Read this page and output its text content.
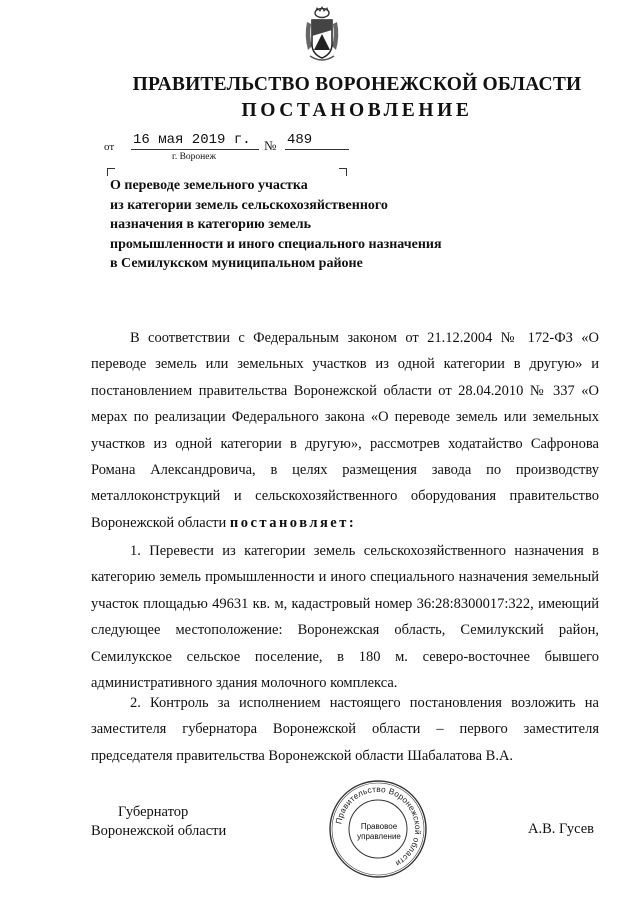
ПРАВИТЕЛЬСТВО ВОРОНЕЖСКОЙ ОБЛАСТИ
ПОСТАНОВЛЕНИЕ
от 16 мая 2019 г.	№ 489
г. Воронеж
О переводе земельного участка
из категории земель сельскохозяйственного
назначения в категорию земель
промышленности и иного специального назначения
в Семилукском муниципальном районе
В соответствии с Федеральным законом от 21.12.2004 № 172-ФЗ «О переводе земель или земельных участков из одной категории в другую» и постановлением правительства Воронежской области от 28.04.2010 № 337 «О мерах по реализации Федерального закона «О переводе земель или земельных участков из одной категории в другую», рассмотрев ходатайство Сафронова Романа Александровича, в целях размещения завода по производству металлоконструкций и сельскохозяйственного оборудования правительство Воронежской области постановляет:
1. Перевести из категории земель сельскохозяйственного назначения в категорию земель промышленности и иного специального назначения земельный участок площадью 49631 кв. м, кадастровый номер 36:28:8300017:322, имеющий следующее местоположение: Воронежская область, Семилукский район, Семилукское сельское поселение, в 180 м. северо-восточнее бывшего административного здания молочного комплекса.
2. Контроль за исполнением настоящего постановления возложить на заместителя губернатора Воронежской области – первого заместителя председателя правительства Воронежской области Шабалатова В.А.
Губернатор
Воронежской области	А.В. Гусев
Правительство Воронежской области
Правовое
управление
